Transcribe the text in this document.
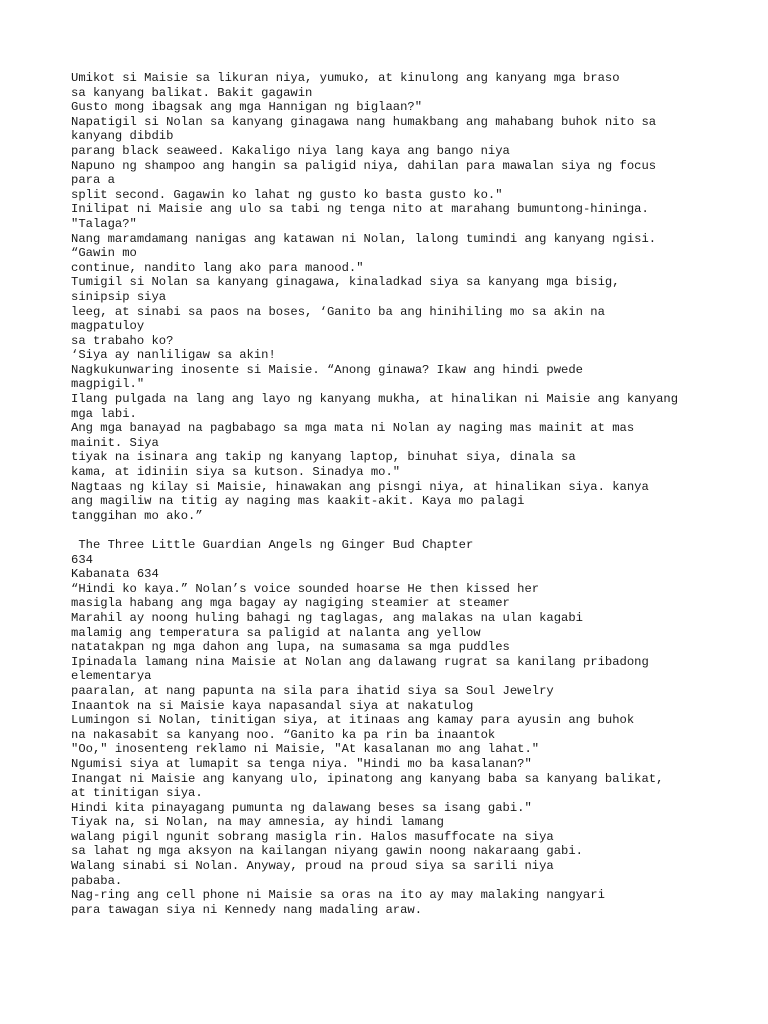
Umikot si Maisie sa likuran niya, yumuko, at kinulong ang kanyang mga braso
sa kanyang balikat. Bakit gagawin
Gusto mong ibagsak ang mga Hannigan ng biglaan?"
Napatigil si Nolan sa kanyang ginagawa nang humakbang ang mahabang buhok nito sa
kanyang dibdib
parang black seaweed. Kakaligo niya lang kaya ang bango niya
Napuno ng shampoo ang hangin sa paligid niya, dahilan para mawalan siya ng focus
para a
split second. Gagawin ko lahat ng gusto ko basta gusto ko."
Inilipat ni Maisie ang ulo sa tabi ng tenga nito at marahang bumuntong-hininga.
"Talaga?"
Nang maramdamang nanigas ang katawan ni Nolan, lalong tumindi ang kanyang ngisi.
“Gawin mo
continue, nandito lang ako para manood."
Tumigil si Nolan sa kanyang ginagawa, kinaladkad siya sa kanyang mga bisig,
sinipsip siya
leeg, at sinabi sa paos na boses, ‘Ganito ba ang hinihiling mo sa akin na
magpatuloy
sa trabaho ko?
‘Siya ay nanliligaw sa akin!
Nagkukunwaring inosente si Maisie. “Anong ginawa? Ikaw ang hindi pwede
magpigil."
Ilang pulgada na lang ang layo ng kanyang mukha, at hinalikan ni Maisie ang kanyang
mga labi.
Ang mga banayad na pagbabago sa mga mata ni Nolan ay naging mas mainit at mas
mainit. Siya
tiyak na isinara ang takip ng kanyang laptop, binuhat siya, dinala sa
kama, at idiniin siya sa kutson. Sinadya mo."
Nagtaas ng kilay si Maisie, hinawakan ang pisngi niya, at hinalikan siya. kanya
ang magiliw na titig ay naging mas kaakit-akit. Kaya mo palagi
tanggihan mo ako.”
The Three Little Guardian Angels ng Ginger Bud Chapter
634
Kabanata 634
“Hindi ko kaya.” Nolan’s voice sounded hoarse He then kissed her
masigla habang ang mga bagay ay nagiging steamier at steamer
Marahil ay noong huling bahagi ng taglagas, ang malakas na ulan kagabi
malamig ang temperatura sa paligid at nalanta ang yellow
natatakpan ng mga dahon ang lupa, na sumasama sa mga puddles
Ipinadala lamang nina Maisie at Nolan ang dalawang rugrat sa kanilang pribadong
elementarya
paaralan, at nang papunta na sila para ihatid siya sa Soul Jewelry
Inaantok na si Maisie kaya napasandal siya at nakatulog
Lumingon si Nolan, tinitigan siya, at itinaas ang kamay para ayusin ang buhok
na nakasabit sa kanyang noo. “Ganito ka pa rin ba inaantok
"Oo," inosenteng reklamo ni Maisie, "At kasalanan mo ang lahat."
Ngumisi siya at lumapit sa tenga niya. "Hindi mo ba kasalanan?"
Inangat ni Maisie ang kanyang ulo, ipinatong ang kanyang baba sa kanyang balikat,
at tinitigan siya.
Hindi kita pinayagang pumunta ng dalawang beses sa isang gabi."
Tiyak na, si Nolan, na may amnesia, ay hindi lamang
walang pigil ngunit sobrang masigla rin. Halos masuffocate na siya
sa lahat ng mga aksyon na kailangan niyang gawin noong nakaraang gabi.
Walang sinabi si Nolan. Anyway, proud na proud siya sa sarili niya
pababa.
Nag-ring ang cell phone ni Maisie sa oras na ito ay may malaking nangyari
para tawagan siya ni Kennedy nang madaling araw.
